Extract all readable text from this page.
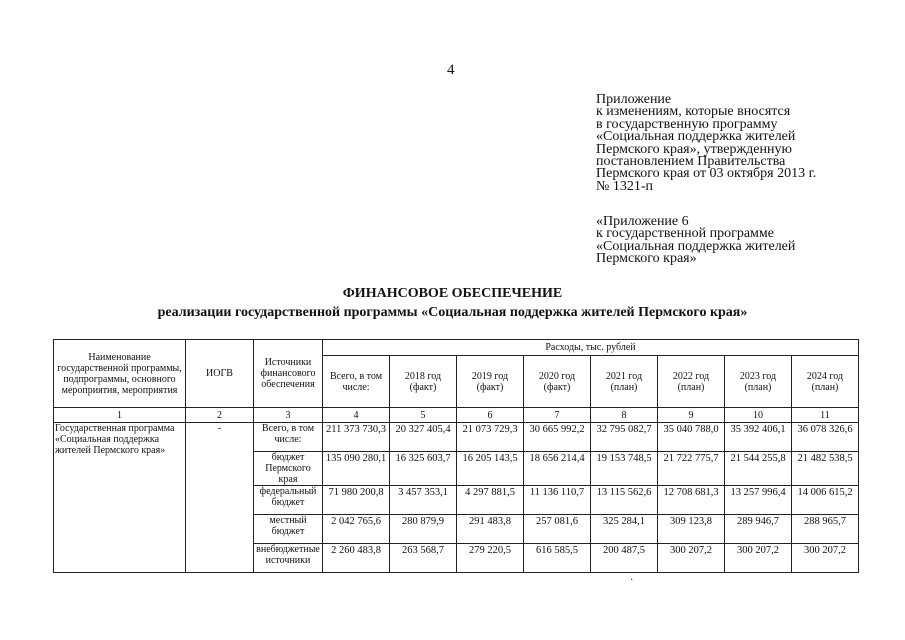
4
Приложение
к изменениям, которые вносятся
в государственную программу
«Социальная поддержка жителей
Пермского края», утвержденную
постановлением Правительства
Пермского края от 03 октября 2013 г.
№ 1321-п
«Приложение 6
к государственной программе
«Социальная поддержка жителей
Пермского края»
ФИНАНСОВОЕ ОБЕСПЕЧЕНИЕ
реализации государственной программы «Социальная поддержка жителей Пермского края»
Наименование государственной программы, подпрограммы, основного мероприятия, мероприятия	ИОГВ	Источники финансового обеспечения	Расходы, тыс. рублей							
			Всего, в том числе:	2018 год (факт)	2019 год (факт)	2020 год (факт)	2021 год (план)	2022 год (план)	2023 год (план)	2024 год (план)
1	2	3	4	5	6	7	8	9	10	11
Государственная программа «Социальная поддержка жителей Пермского края»	-	Всего, в том числе:	211 373 730,3	20 327 405,4	21 073 729,3	30 665 992,2	32 795 082,7	35 040 788,0	35 392 406,1	36 078 326,6
		бюджет Пермского края	135 090 280,1	16 325 603,7	16 205 143,5	18 656 214,4	19 153 748,5	21 722 775,7	21 544 255,8	21 482 538,5
		федеральный бюджет	71 980 200,8	3 457 353,1	4 297 881,5	11 136 110,7	13 115 562,6	12 708 681,3	13 257 996,4	14 006 615,2
		местный бюджет	2 042 765,6	280 879,9	291 483,8	257 081,6	325 284,1	309 123,8	289 946,7	288 965,7
		внебюджетные источники	2 260 483,8	263 568,7	279 220,5	616 585,5	200 487,5	300 207,2	300 207,2	300 207,2
·
